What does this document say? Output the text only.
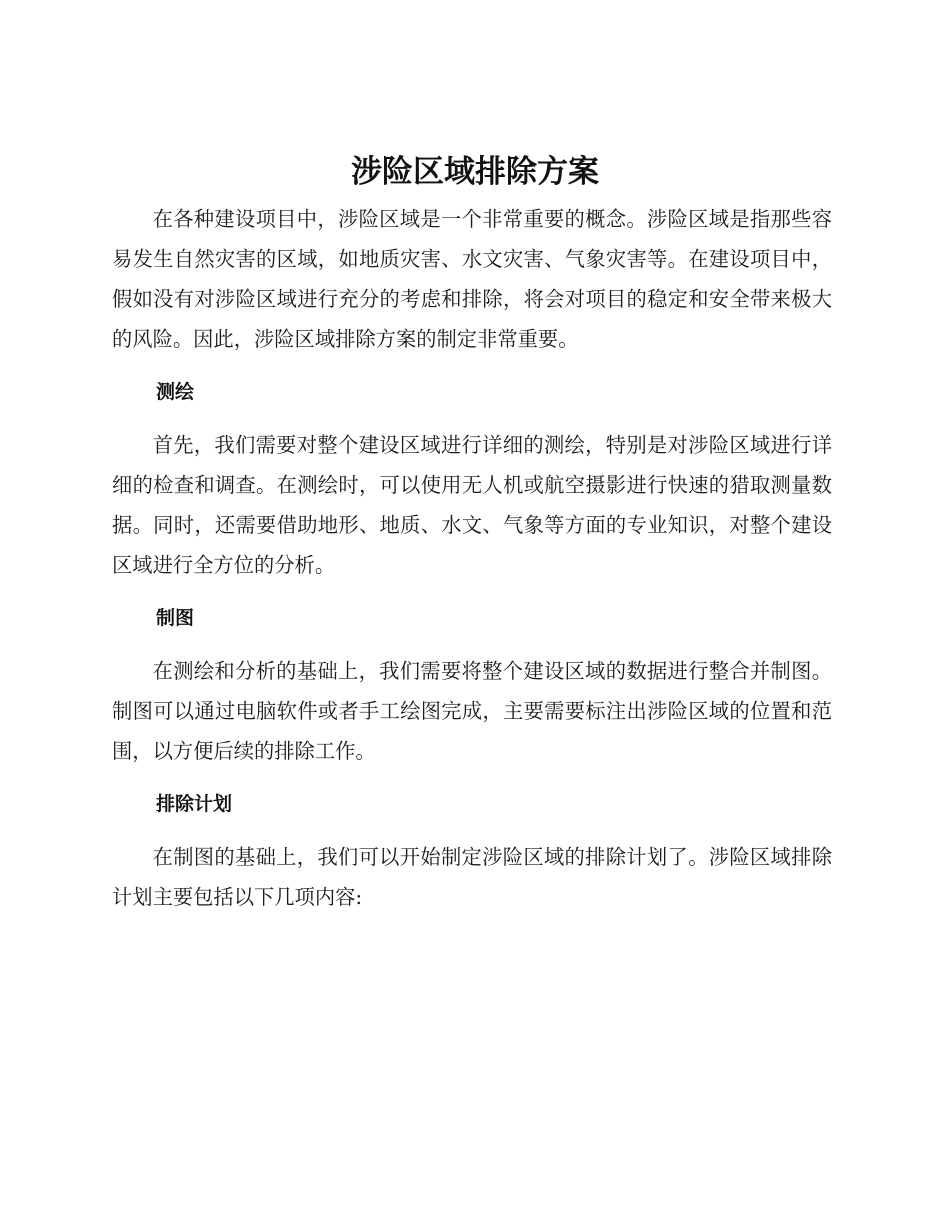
涉险区域排除方案

在各种建设项目中，涉险区域是一个非常重要的概念。涉险区域是指那些容易发生自然灾害的区域，如地质灾害、水文灾害、气象灾害等。在建设项目中，假如没有对涉险区域进行充分的考虑和排除，将会对项目的稳定和安全带来极大的风险。因此，涉险区域排除方案的制定非常重要。

测绘

首先，我们需要对整个建设区域进行详细的测绘，特别是对涉险区域进行详细的检查和调查。在测绘时，可以使用无人机或航空摄影进行快速的猎取测量数据。同时，还需要借助地形、地质、水文、气象等方面的专业知识，对整个建设区域进行全方位的分析。

制图

在测绘和分析的基础上，我们需要将整个建设区域的数据进行整合并制图。制图可以通过电脑软件或者手工绘图完成，主要需要标注出涉险区域的位置和范围，以方便后续的排除工作。

排除计划

在制图的基础上，我们可以开始制定涉险区域的排除计划了。涉险区域排除计划主要包括以下几项内容:
